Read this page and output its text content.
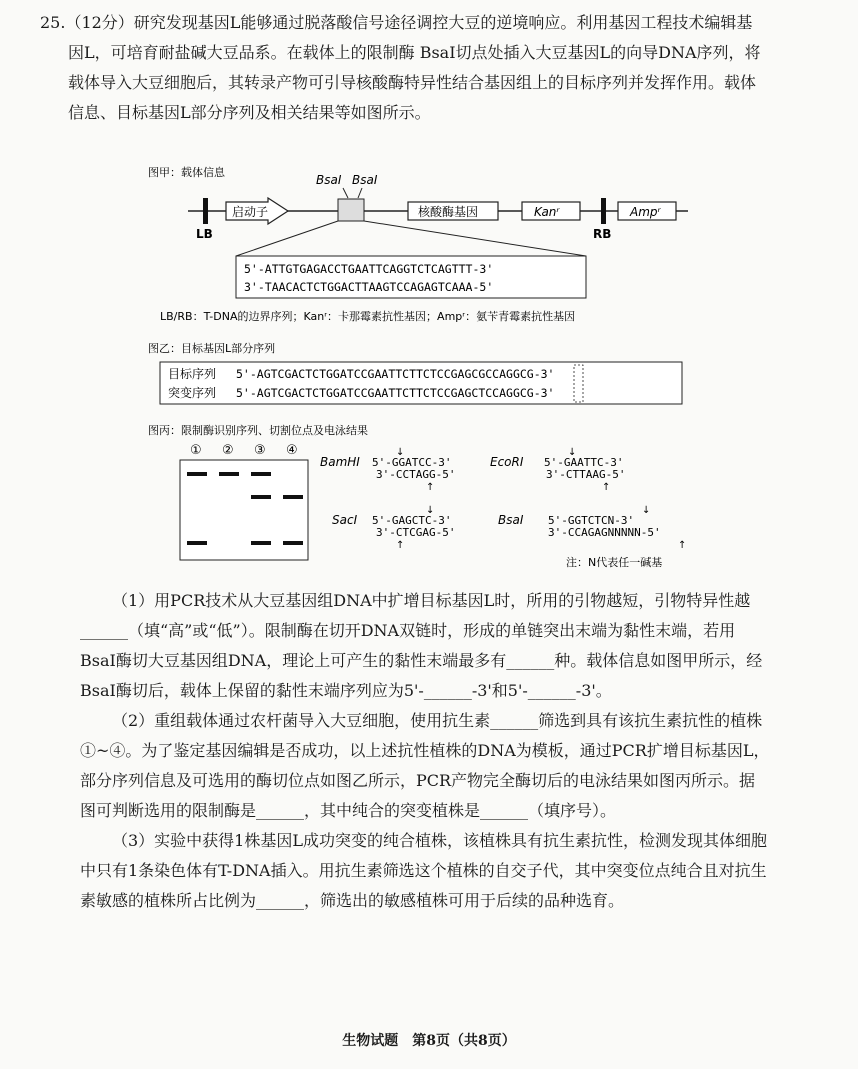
25.（12分）研究发现基因L能够通过脱落酸信号途径调控大豆的逆境响应。利用基因工程技术编辑基因L，可培育耐盐碱大豆品系。在载体上的限制酶 BsaⅠ切点处插入大豆基因L的向导DNA序列，将载体导入大豆细胞后，其转录产物可引导核酸酶特异性结合基因组上的目标序列并发挥作用。载体信息、目标基因L部分序列及相关结果等如图所示。

图甲：载体信息
BsaⅠ BsaⅠ
LB
启动子	核酸酶基因	Kanʳ
RB
Ampʳ
5'-ATTGTGAGACCTGAATTCAGGTCTCAGTTT-3'
3'-TAACACTCTGGACTTAAGTCCAGAGTCAAA-5'
LB/RB：T-DNA的边界序列；Kanʳ：卡那霉素抗性基因；Ampʳ：氨苄青霉素抗性基因
图乙：目标基因L部分序列
目标序列 5'-AGTCGACTCTGGATCCGAATTCTTCTCCGAGCGCCAGGCG-3'
突变序列 5'-AGTCGACTCTGGATCCGAATTCTTCTCCGAGCTCCAGGCG-3'
图丙：限制酶识别序列、切割位点及电泳结果
① ② ③ ④
BamHⅠ 5'-GGATCC-3'
3'-CCTAGG-5'
↓
↑
EcoRⅠ 5'-GAATTC-3'
3'-CTTAAG-5'
↓
↑
SacⅠ 5'-GAGCTC-3'
3'-CTCGAG-5'
↓
↑
BsaⅠ 5'-GGTCTCN-3'
3'-CCAGAGNNNNN-5'
↓
↑
注：N代表任一碱基

（1）用PCR技术从大豆基因组DNA中扩增目标基因L时，所用的引物越短，引物特异性越______（填“高”或“低”）。限制酶在切开DNA双链时，形成的单链突出末端为黏性末端，若用 BsaⅠ酶切大豆基因组DNA，理论上可产生的黏性末端最多有______种。载体信息如图甲所示，经 BsaⅠ酶切后，载体上保留的黏性末端序列应为5'-______-3'和5'-______-3'。

（2）重组载体通过农杆菌导入大豆细胞，使用抗生素______筛选到具有该抗生素抗性的植株①~④。为了鉴定基因编辑是否成功，以上述抗性植株的DNA为模板，通过PCR扩增目标基因L，部分序列信息及可选用的酶切位点如图乙所示，PCR产物完全酶切后的电泳结果如图丙所示。据图可判断选用的限制酶是______，其中纯合的突变植株是______（填序号）。

（3）实验中获得1株基因L成功突变的纯合植株，该植株具有抗生素抗性，检测发现其体细胞中只有1条染色体有T-DNA插入。用抗生素筛选这个植株的自交子代，其中突变位点纯合且对抗生素敏感的植株所占比例为______，筛选出的敏感植株可用于后续的品种选育。

生物试题　第8页（共8页）
